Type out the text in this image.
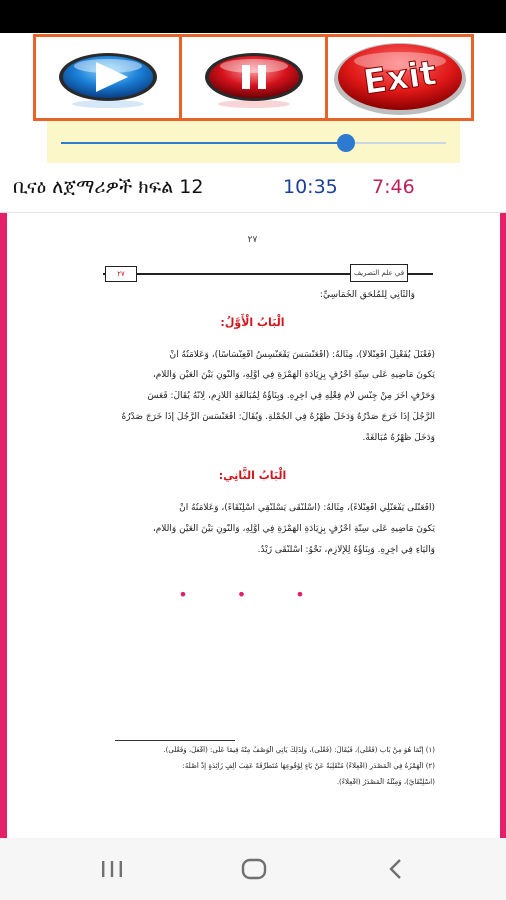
Exit
ቢናዕ ለጀማሪዎች ክፍል 12	10:35 7:46
٢٧
٢٧	في علم التصريف
وَالثَّانِي لِلْمُلْحَقِ الْخُمَاسِيِّ:
الْبَابُ الْأَوَّلُ:
(فَعْنَلَ يُفَعْنِلُ افْعِنْلَالًا)، مِثَالُهُ: (اقْعَنْسَسَ يَقْعَنْسِسُ اقْعِنْسَاسًا)، وَعَلَامَتُهُ أَنْ
يَكُونَ مَاضِيهِ عَلَى سِتَّةِ أَحْرُفٍ بِزِيَادَةِ الْهَمْزَةِ فِي أَوَّلِهِ، وَالنُّونِ بَيْنَ الْعَيْنِ وَاللَّامِ،
وَحَرْفٍ آخَرَ مِنْ جِنْسِ لَامِ فِعْلِهِ فِي آخِرِهِ. وَبِنَاؤُهُ لِمُبَالَغَةِ اللَّازِمِ، لِأَنَّهُ يُقَالُ: قَعَسَ
الرَّجُلُ إِذَا خَرَجَ صَدْرُهُ وَدَخَلَ ظَهْرُهُ فِي الْجُمْلَةِ. وَيُقَالُ: اقْعَنْسَسَ الرَّجُلُ إِذَا خَرَجَ صَدْرُهُ
وَدَخَلَ ظَهْرُهُ مُبَالَغَةً.
الْبَابُ الثَّانِي:
(افْعَنْلَى يَفْعَنْلِي افْعِنْلَاءً)، مِثَالُهُ: (اسْلَنْقَى يَسْلَنْقِي اسْلِنْقَاءً)، وَعَلَامَتُهُ أَنْ
يَكُونَ مَاضِيهِ عَلَى سِتَّةِ أَحْرُفٍ بِزِيَادَةِ الْهَمْزَةِ فِي أَوَّلِهِ، وَالنُّونِ بَيْنَ الْعَيْنِ وَاللَّامِ،
وَالْيَاءِ فِي آخِرِهِ. وَبِنَاؤُهُ لِلْإِلَازِمِ، نَحْوُ: اسْلَنْقَى زَيْدٌ.
• • •
(١) إِنَّمَا هُوَ مِنْ بَابِ (فَعْلَى)، فَيُقَالُ: (فَعْلَى)، وَلِذَلِكَ يَأْتِي الْوَصْفُ مِنْهُ فِيمَا عَلَى: (أَفْعَلَ، وَفَعْلَى).
(٢) الْهَمْزَةُ فِي الْمَصْدَرِ (افْعِلَاءً) مُنْقَلِبَةٌ عَنْ يَاءٍ لِوُقُوعِهَا مُتَطَرِّفَةً عَقِبَ أَلِفٍ زَائِدَةٍ إِذْ أَصْلُهُ:
(اسْلِنْقَايٌ)، وَمِثْلُهُ الْمَصْدَرُ (افْعِلَاءً).
